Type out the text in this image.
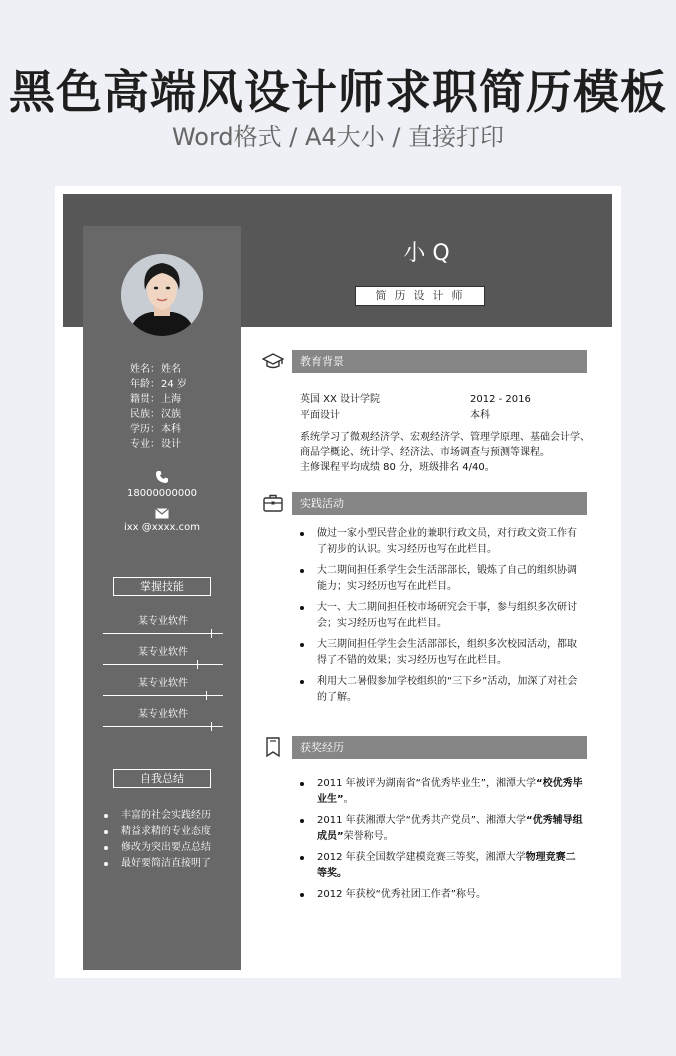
黑色高端风设计师求职简历模板
Word格式 / A4大小 / 直接打印
小 Q
简历设计师
姓名： 姓名
年龄： 24 岁
籍贯： 上海
民族： 汉族
学历： 本科
专业： 设计
18000000000
ixx @xxxx.com
掌握技能
某专业软件
某专业软件
某专业软件
某专业软件
自我总结
丰富的社会实践经历
精益求精的专业态度
修改为突出要点总结
最好要简洁直接明了
教育背景
英国 XX 设计学院	2012 - 2016
平面设计	本科
系统学习了微观经济学、宏观经济学、管理学原理、基础会计学、
商品学概论、统计学、经济法、市场调查与预测等课程。
主修课程平均成绩 80 分，班级排名 4/40。
实践活动
做过一家小型民营企业的兼职行政文员，对行政文资工作有了初步的认识。实习经历也写在此栏目。
大二期间担任系学生会生活部部长，锻炼了自己的组织协调能力；实习经历也写在此栏目。
大一、大二期间担任校市场研究会干事，参与组织多次研讨会；实习经历也写在此栏目。
大三期间担任学生会生活部部长，组织多次校园活动，都取得了不错的效果；实习经历也写在此栏目。
利用大二暑假参加学校组织的“三下乡”活动，加深了对社会的了解。
获奖经历
2011 年被评为湖南省“省优秀毕业生”，湘潭大学“校优秀毕业生”。
2011 年获湘潭大学“优秀共产党员”、湘潭大学“优秀辅导组成员”荣誉称号。
2012 年获全国数学建模竞赛三等奖，湘潭大学物理竞赛二等奖。
2012 年获校“优秀社团工作者”称号。
